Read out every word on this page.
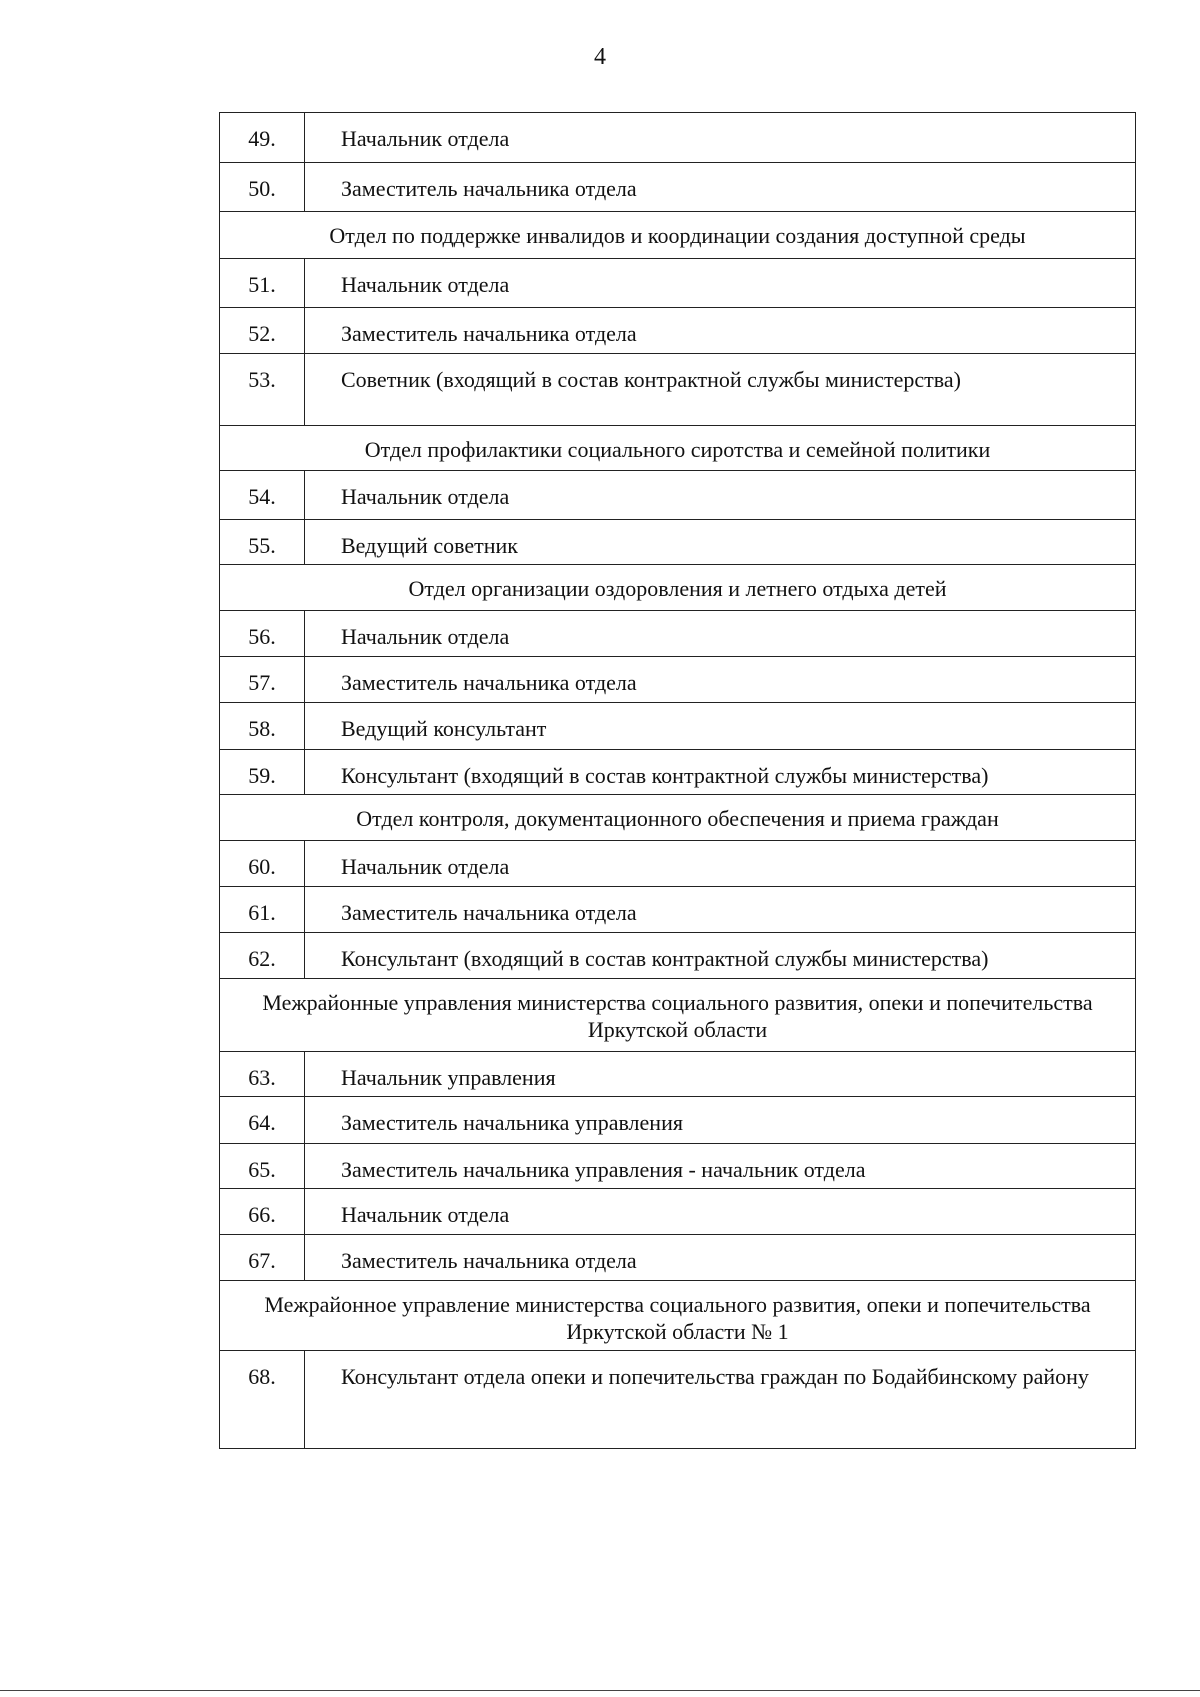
4
49.	Начальник отдела
50.	Заместитель начальника отдела
Отдел по поддержке инвалидов и координации создания доступной среды	
51.	Начальник отдела
52.	Заместитель начальника отдела
53.	Советник (входящий в состав контрактной службы министерства)
Отдел профилактики социального сиротства и семейной политики	
54.	Начальник отдела
55.	Ведущий советник
Отдел организации оздоровления и летнего отдыха детей	
56.	Начальник отдела
57.	Заместитель начальника отдела
58.	Ведущий консультант
59.	Консультант (входящий в состав контрактной службы министерства)
Отдел контроля, документационного обеспечения и приема граждан	
60.	Начальник отдела
61.	Заместитель начальника отдела
62.	Консультант (входящий в состав контрактной службы министерства)
Межрайонные управления министерства социального развития, опеки и попечительства Иркутской области	
63.	Начальник управления
64.	Заместитель начальника управления
65.	Заместитель начальника управления - начальник отдела
66.	Начальник отдела
67.	Заместитель начальника отдела
Межрайонное управление министерства социального развития, опеки и попечительства Иркутской области № 1	
68.	Консультант отдела опеки и попечительства граждан по Бодайбинскому району
